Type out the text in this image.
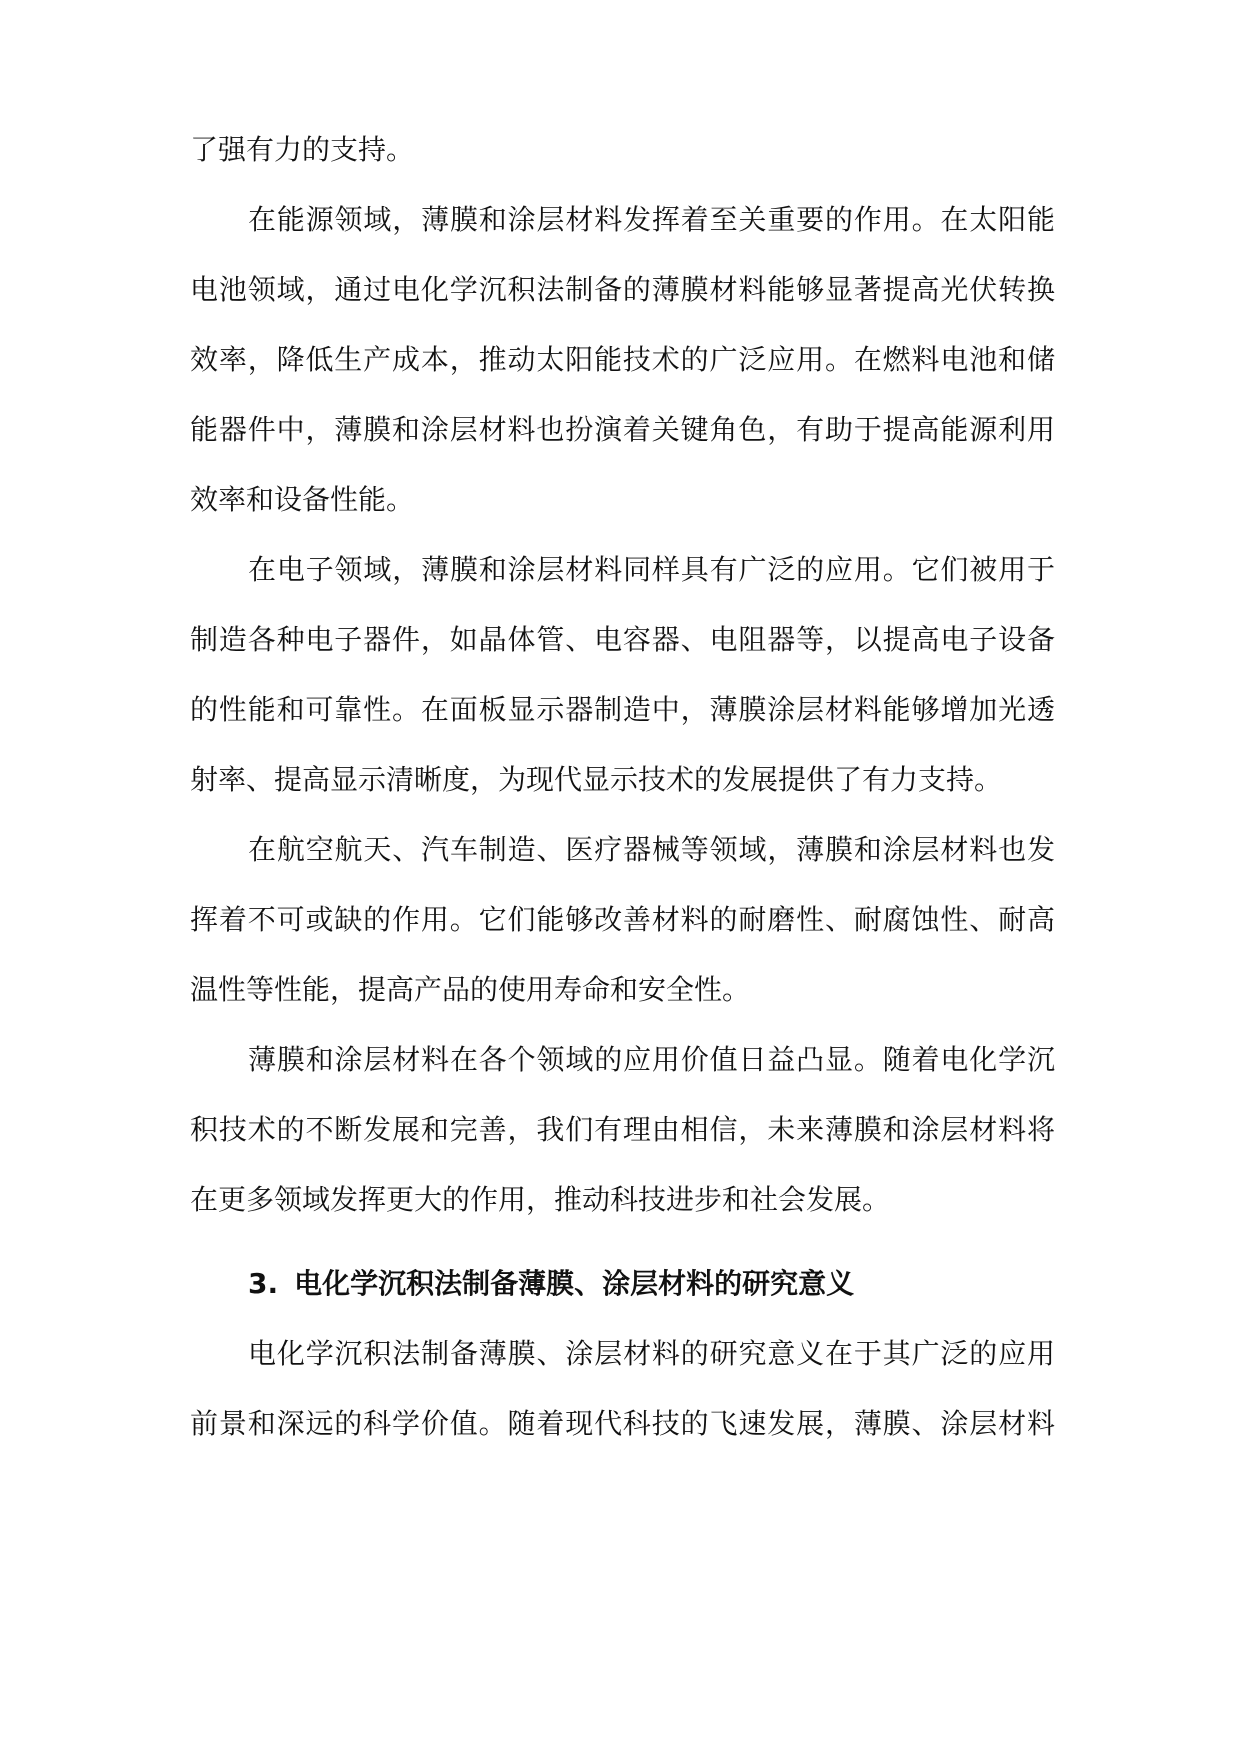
了强有力的支持。
在能源领域，薄膜和涂层材料发挥着至关重要的作用。在太阳能
电池领域，通过电化学沉积法制备的薄膜材料能够显著提高光伏转换
效率，降低生产成本，推动太阳能技术的广泛应用。在燃料电池和储
能器件中，薄膜和涂层材料也扮演着关键角色，有助于提高能源利用
效率和设备性能。
在电子领域，薄膜和涂层材料同样具有广泛的应用。它们被用于
制造各种电子器件，如晶体管、电容器、电阻器等，以提高电子设备
的性能和可靠性。在面板显示器制造中，薄膜涂层材料能够增加光透
射率、提高显示清晰度，为现代显示技术的发展提供了有力支持。
在航空航天、汽车制造、医疗器械等领域，薄膜和涂层材料也发
挥着不可或缺的作用。它们能够改善材料的耐磨性、耐腐蚀性、耐高
温性等性能，提高产品的使用寿命和安全性。
薄膜和涂层材料在各个领域的应用价值日益凸显。随着电化学沉
积技术的不断发展和完善，我们有理由相信，未来薄膜和涂层材料将
在更多领域发挥更大的作用，推动科技进步和社会发展。
3. 电化学沉积法制备薄膜、涂层材料的研究意义
电化学沉积法制备薄膜、涂层材料的研究意义在于其广泛的应用
前景和深远的科学价值。随着现代科技的飞速发展，薄膜、涂层材料
